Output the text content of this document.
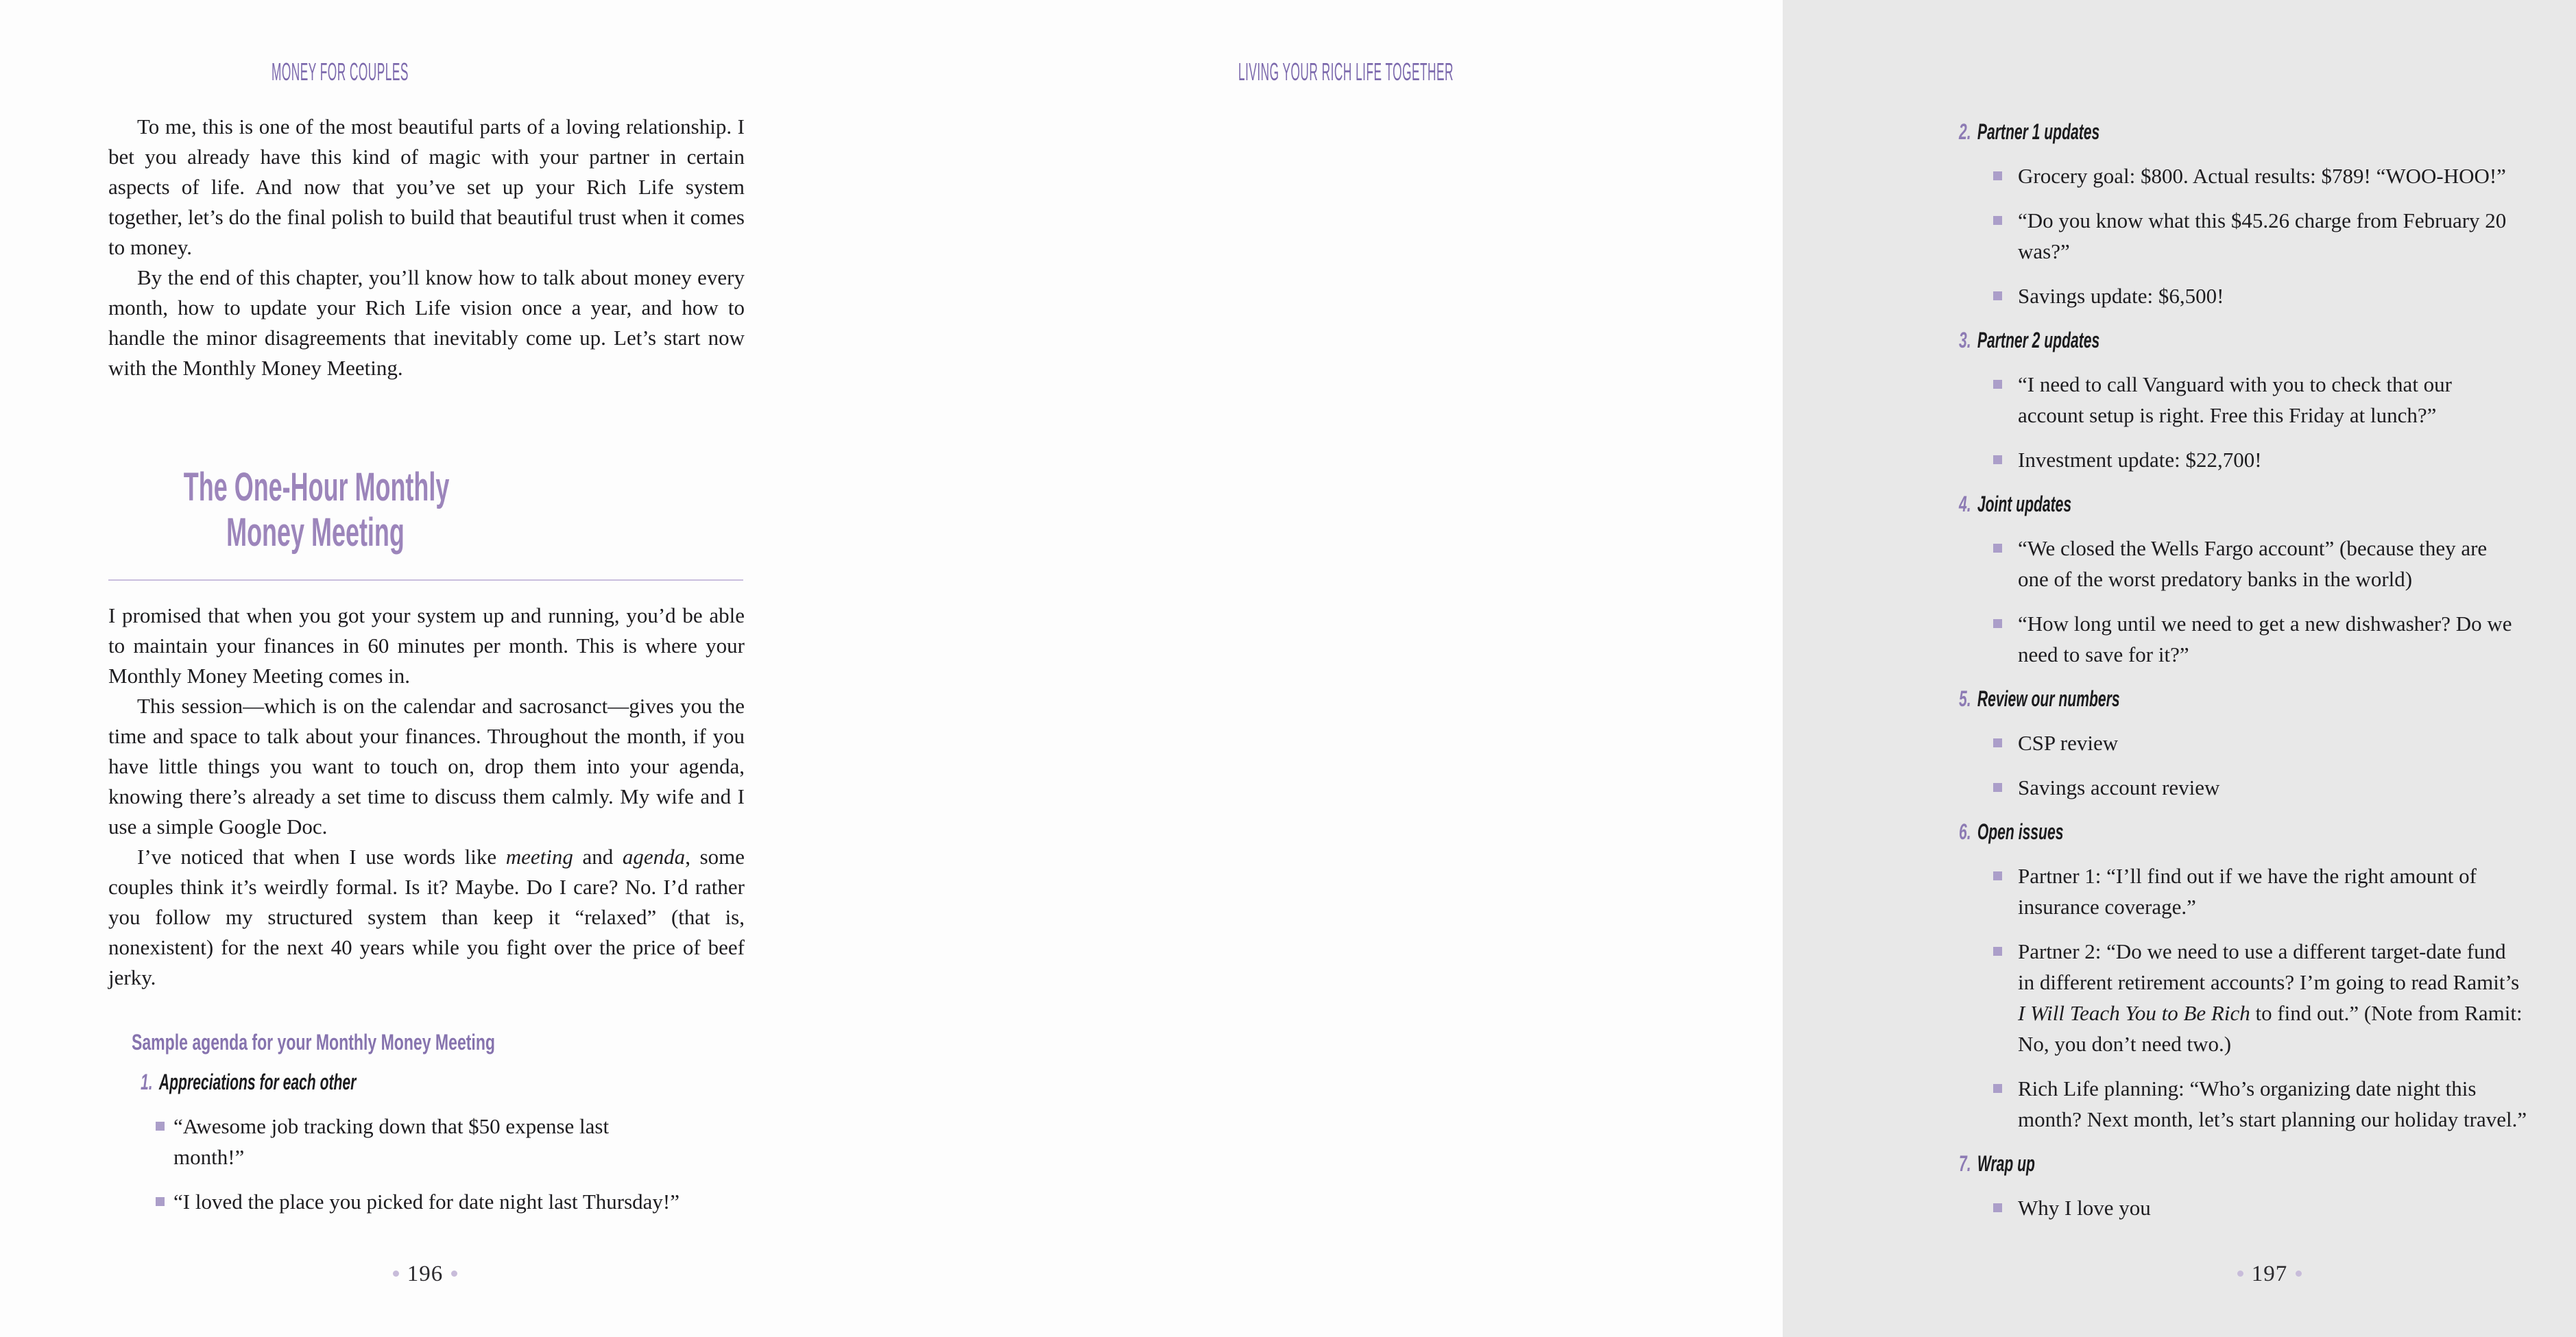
MONEY FOR COUPLES

To me, this is one of the most beautiful parts of a loving relationship. I bet you already have this kind of magic with your partner in certain aspects of life. And now that you’ve set up your Rich Life system together, let’s do the final polish to build that beautiful trust when it comes to money.

By the end of this chapter, you’ll know how to talk about money every month, how to update your Rich Life vision once a year, and how to handle the minor disagreements that inevitably come up. Let’s start now with the Monthly Money Meeting.

The One-Hour Monthly
Money Meeting

I promised that when you got your system up and running, you’d be able to maintain your finances in 60 minutes per month. This is where your Monthly Money Meeting comes in.

This session—which is on the calendar and sacrosanct—gives you the time and space to talk about your finances. Throughout the month, if you have little things you want to touch on, drop them into your agenda, knowing there’s already a set time to discuss them calmly. My wife and I use a simple Google Doc.

I’ve noticed that when I use words like meeting and agenda, some couples think it’s weirdly formal. Is it? Maybe. Do I care? No. I’d rather you follow my structured system than keep it “relaxed” (that is, nonexistent) for the next 40 years while you fight over the price of beef jerky.

Sample agenda for your Monthly Money Meeting
1. Appreciations for each other
“Awesome job tracking down that $50 expense last
month!”
“I loved the place you picked for date night last Thursday!”
196
LIVING YOUR RICH LIFE TOGETHER
2. Partner 1 updates
Grocery goal: $800. Actual results: $789! “WOO-HOO!”
“Do you know what this $45.26 charge from February 20
was?”
Savings update: $6,500!
3. Partner 2 updates
“I need to call Vanguard with you to check that our
account setup is right. Free this Friday at lunch?”
Investment update: $22,700!
4. Joint updates
“We closed the Wells Fargo account” (because they are
one of the worst predatory banks in the world)
“How long until we need to get a new dishwasher? Do we
need to save for it?”
5. Review our numbers
CSP review
Savings account review
6. Open issues
Partner 1: “I’ll find out if we have the right amount of
insurance coverage.”
Partner 2: “Do we need to use a different target-date fund
in different retirement accounts? I’m going to read Ramit’s
I Will Teach You to Be Rich to find out.” (Note from Ramit:
No, you don’t need two.)
Rich Life planning: “Who’s organizing date night this
month? Next month, let’s start planning our holiday travel.”
7. Wrap up
Why I love you
197
